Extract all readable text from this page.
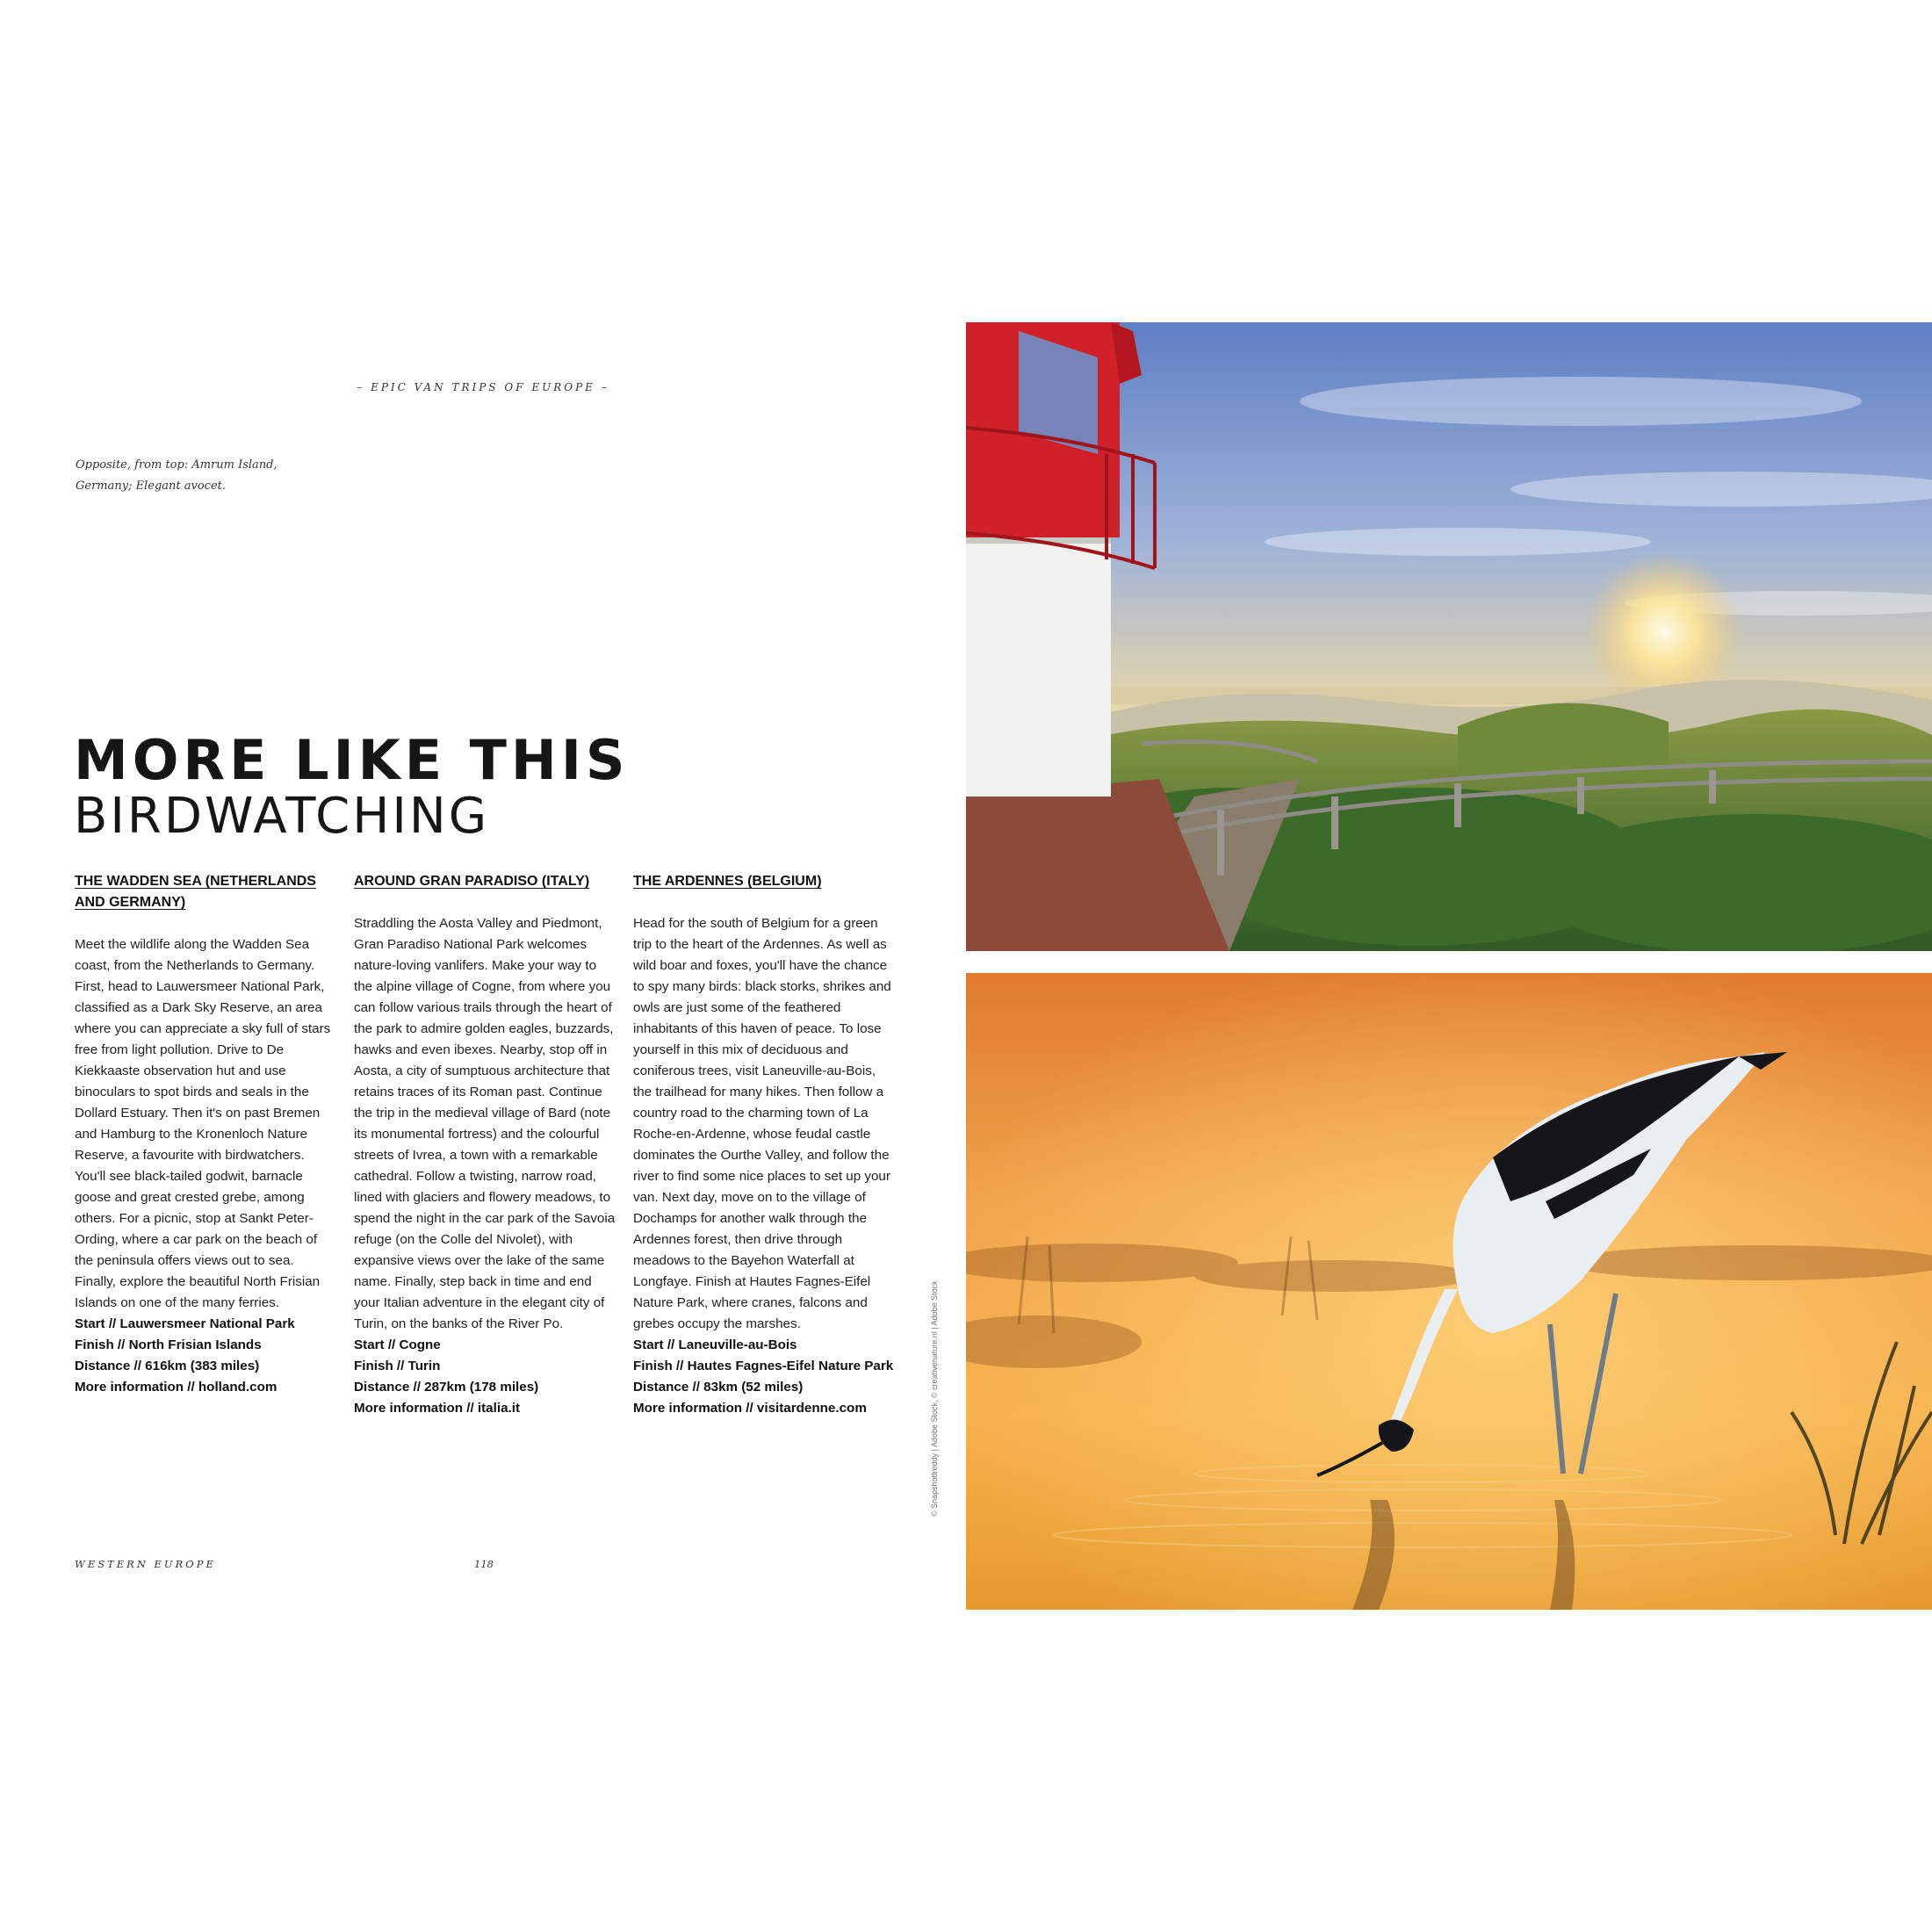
– EPIC VAN TRIPS OF EUROPE –
Opposite, from top: Amrum Island, Germany; Elegant avocet.
MORE LIKE THIS
BIRDWATCHING
THE WADDEN SEA (NETHERLANDS AND GERMANY)

Meet the wildlife along the Wadden Sea coast, from the Netherlands to Germany. First, head to Lauwersmeer National Park, classified as a Dark Sky Reserve, an area where you can appreciate a sky full of stars free from light pollution. Drive to De Kiekkaaste observation hut and use binoculars to spot birds and seals in the Dollard Estuary. Then it's on past Bremen and Hamburg to the Kronenloch Nature Reserve, a favourite with birdwatchers. You'll see black-tailed godwit, barnacle goose and great crested grebe, among others. For a picnic, stop at Sankt Peter-Ording, where a car park on the beach of the peninsula offers views out to sea. Finally, explore the beautiful North Frisian Islands on one of the many ferries.

Start // Lauwersmeer National Park
Finish // North Frisian Islands
Distance // 616km (383 miles)
More information // holland.com
AROUND GRAN PARADISO (ITALY)

Straddling the Aosta Valley and Piedmont, Gran Paradiso National Park welcomes nature-loving vanlifers. Make your way to the alpine village of Cogne, from where you can follow various trails through the heart of the park to admire golden eagles, buzzards, hawks and even ibexes. Nearby, stop off in Aosta, a city of sumptuous architecture that retains traces of its Roman past. Continue the trip in the medieval village of Bard (note its monumental fortress) and the colourful streets of Ivrea, a town with a remarkable cathedral. Follow a twisting, narrow road, lined with glaciers and flowery meadows, to spend the night in the car park of the Savoia refuge (on the Colle del Nivolet), with expansive views over the lake of the same name. Finally, step back in time and end your Italian adventure in the elegant city of Turin, on the banks of the River Po.

Start // Cogne
Finish // Turin
Distance // 287km (178 miles)
More information // italia.it
THE ARDENNES (BELGIUM)

Head for the south of Belgium for a green trip to the heart of the Ardennes. As well as wild boar and foxes, you'll have the chance to spy many birds: black storks, shrikes and owls are just some of the feathered inhabitants of this haven of peace. To lose yourself in this mix of deciduous and coniferous trees, visit Laneuville-au-Bois, the trailhead for many hikes. Then follow a country road to the charming town of La Roche-en-Ardenne, whose feudal castle dominates the Ourthe Valley, and follow the river to find some nice places to set up your van. Next day, move on to the village of Dochamps for another walk through the Ardennes forest, then drive through meadows to the Bayehon Waterfall at Longfaye. Finish at Hautes Fagnes-Eifel Nature Park, where cranes, falcons and grebes occupy the marshes.

Start // Laneuville-au-Bois
Finish // Hautes Fagnes-Eifel Nature Park
Distance // 83km (52 miles)
More information // visitardenne.com
WESTERN EUROPE	118
© Snapshotfreddy | Adobe Stock, © creativenature.nl | Adobe Stock
